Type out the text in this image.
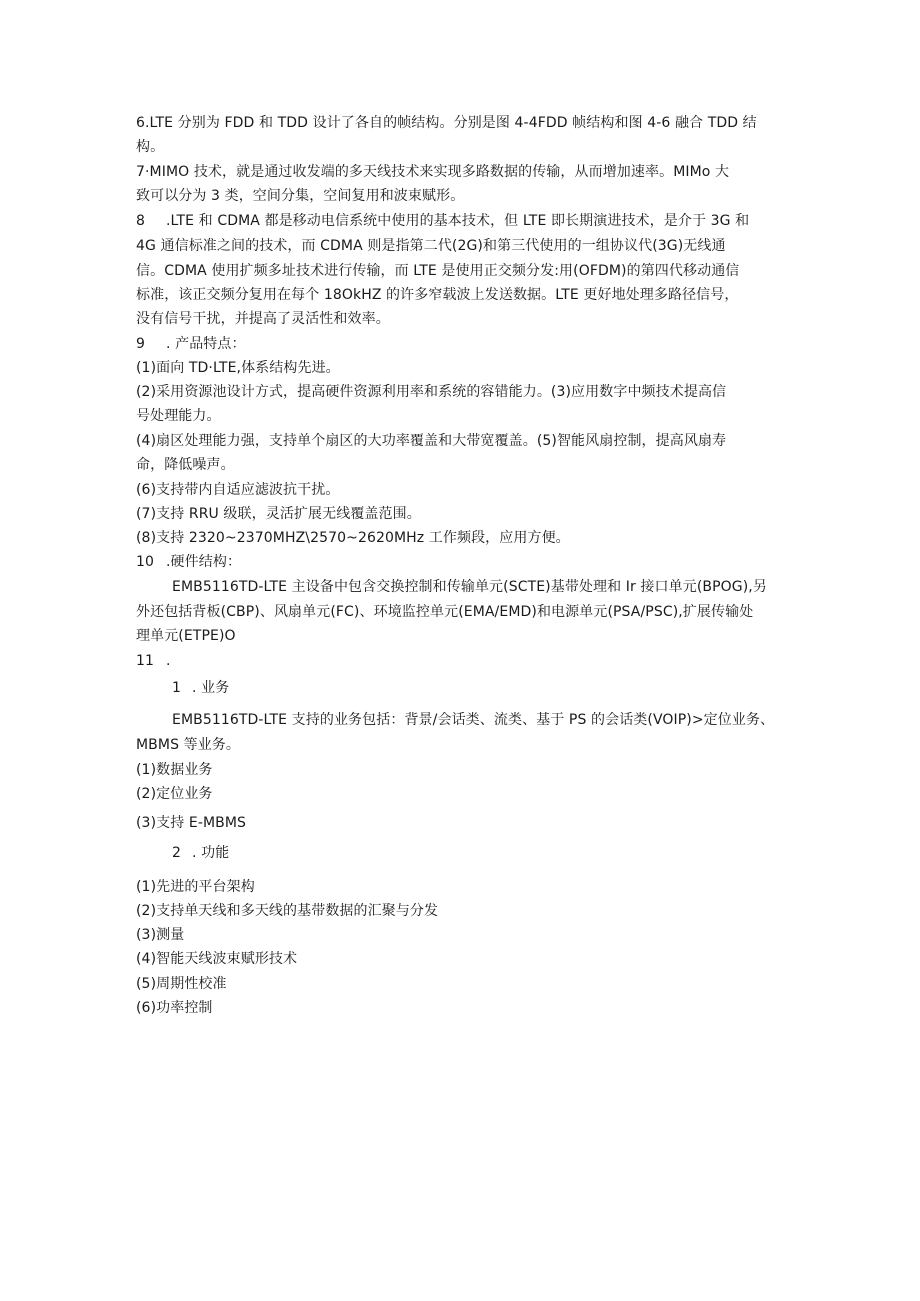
6.LTE 分别为 FDD 和 TDD 设计了各自的帧结构。分别是图 4-4FDD 帧结构和图 4-6 融合 TDD 结
构。
7·MIMO 技术，就是通过收发端的多天线技术来实现多路数据的传输，从而增加速率。MIMo 大
致可以分为 3 类，空间分集，空间复用和波束赋形。
8 .LTE 和 CDMA 都是移动电信系统中使用的基本技术，但 LTE 即长期演进技术，是介于 3G 和
4G 通信标准之间的技术，而 CDMA 则是指第二代(2G)和第三代使用的一组协议代(3G)无线通
信。CDMA 使用扩频多址技术进行传输，而 LTE 是使用正交频分发:用(OFDM)的第四代移动通信
标准，该正交频分复用在每个 18OkHZ 的许多窄载波上发送数据。LTE 更好地处理多路径信号，
没有信号干扰，并提高了灵活性和效率。
9 . 产品特点：
(1)面向 TD·LTE,体系结构先进。
(2)采用资源池设计方式，提高硬件资源利用率和系统的容错能力。(3)应用数字中频技术提高信
号处理能力。
(4)扇区处理能力强，支持单个扇区的大功率覆盖和大带宽覆盖。(5)智能风扇控制，提高风扇寿
命，降低噪声。
(6)支持带内自适应滤波抗干扰。
(7)支持 RRU 级联，灵活扩展无线覆盖范围。
(8)支持 2320~2370MHZ\2570~2620MHz 工作频段，应用方便。
10 .硬件结构：
EMB5116TD-LTE 主设备中包含交换控制和传输单元(SCTE)基带处理和 Ir 接口单元(BPOG),另
外还包括背板(CBP)、风扇单元(FC)、环境监控单元(EMA/EMD)和电源单元(PSA/PSC),扩展传输处
理单元(ETPE)O
11 .
1 . 业务
EMB5116TD-LTE 支持的业务包括：背景/会话类、流类、基于 PS 的会话类(VOIP)>定位业务、
MBMS 等业务。
(1)数据业务
(2)定位业务
(3)支持 E-MBMS
2 . 功能
(1)先进的平台架构
(2)支持单天线和多天线的基带数据的汇聚与分发
(3)测量
(4)智能天线波束赋形技术
(5)周期性校准
(6)功率控制
